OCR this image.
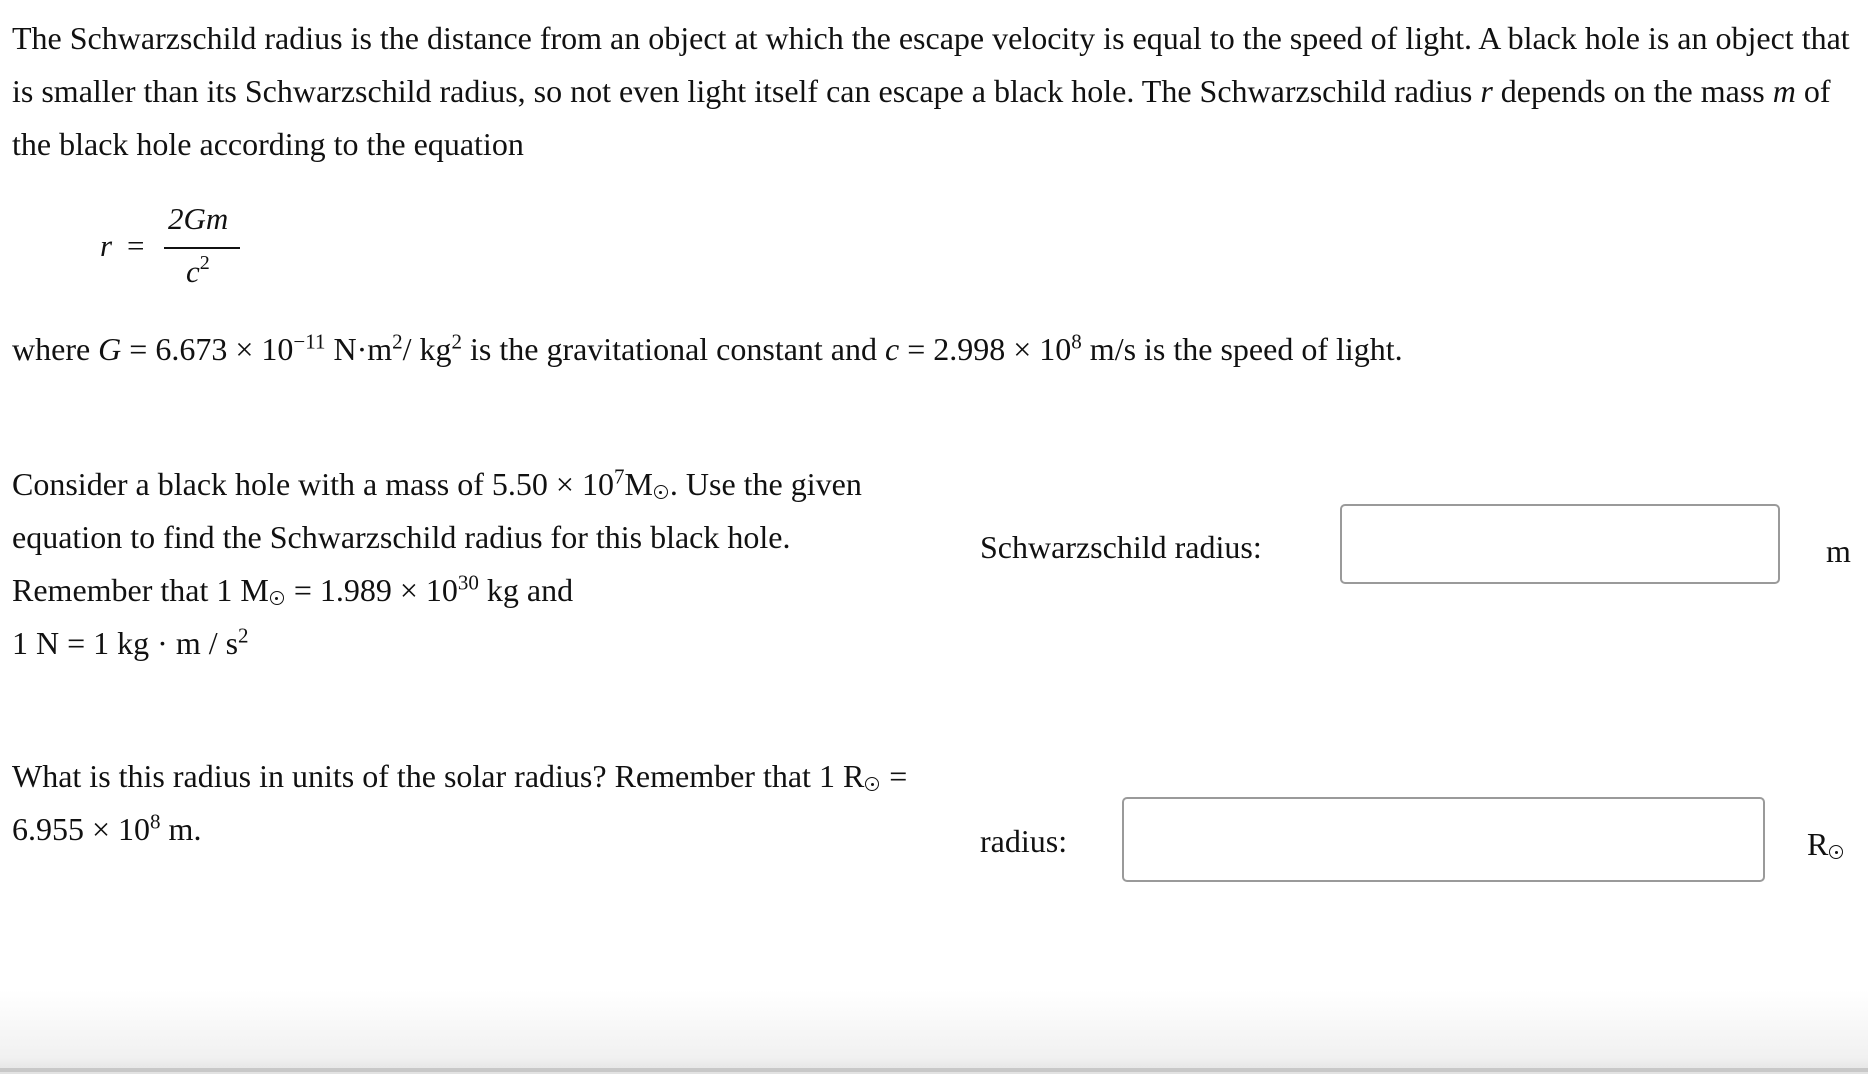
The Schwarzschild radius is the distance from an object at which the escape velocity is equal to the speed of light. A black hole is an object that is smaller than its Schwarzschild radius, so not even light itself can escape a black hole. The Schwarzschild radius r depends on the mass m of the black hole according to the equation

r =
2Gm
$c^2$
where $G = 6.673 \times 10^{-11}$ $N\cdot m^2/$ $kg^2$ is the gravitational constant and $c = 2.998 \times 10^8$ m/s is the speed of light.
Consider a black hole with a mass of $5.50 \times 10^7M$ . Use the given equation to find the Schwarzschild radius for this black hole. Remember that 1 $M = 1.989 \times 10^{30}$ kg and
1 N = 1 kg · m / $s^2$
Schwarzschild radius:	m
What is this radius in units of the solar radius? Remember that 1 $R = 6.955 \times 10^8$ m.	radius:	R
